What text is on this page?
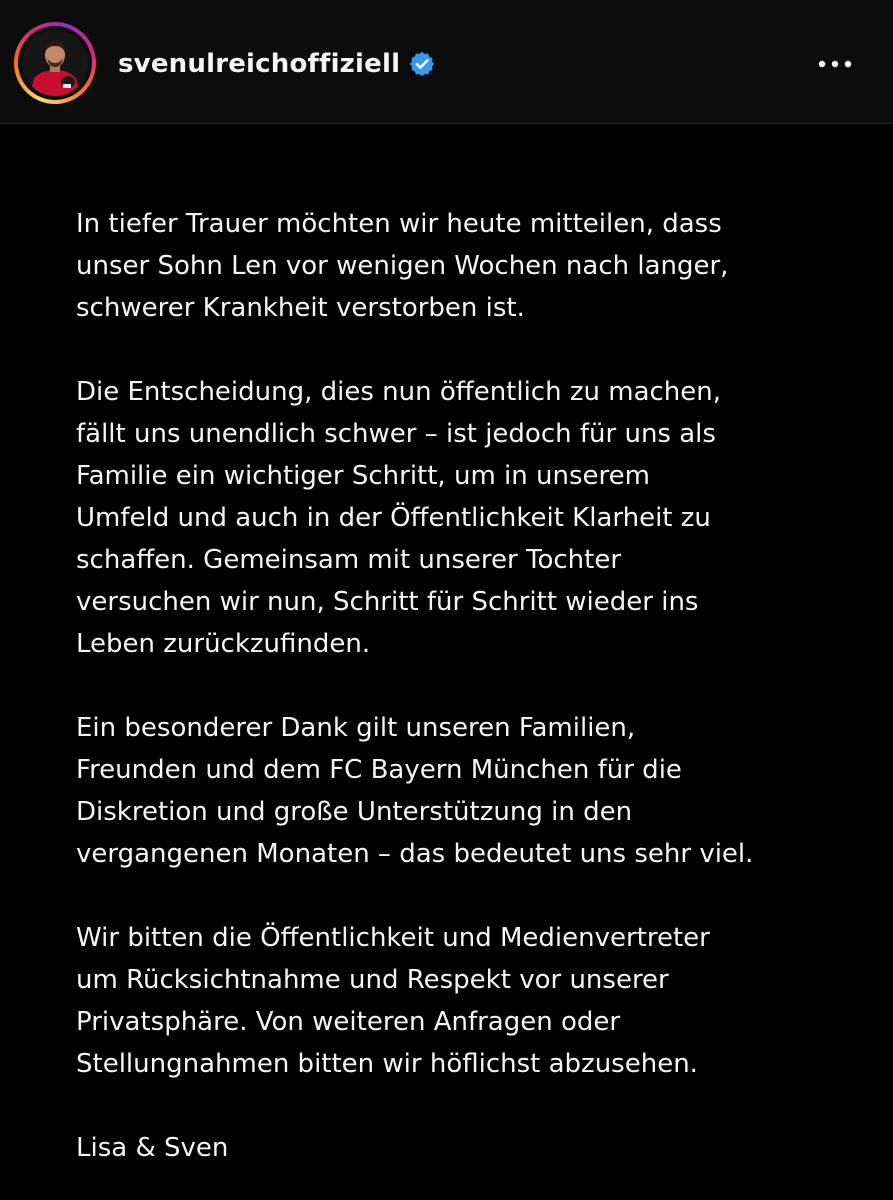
svenulreichoffiziell

In tiefer Trauer möchten wir heute mitteilen, dass
unser Sohn Len vor wenigen Wochen nach langer,
schwerer Krankheit verstorben ist.

Die Entscheidung, dies nun öffentlich zu machen,
fällt uns unendlich schwer – ist jedoch für uns als
Familie ein wichtiger Schritt, um in unserem
Umfeld und auch in der Öffentlichkeit Klarheit zu
schaffen. Gemeinsam mit unserer Tochter
versuchen wir nun, Schritt für Schritt wieder ins
Leben zurückzufinden.

Ein besonderer Dank gilt unseren Familien,
Freunden und dem FC Bayern München für die
Diskretion und große Unterstützung in den
vergangenen Monaten – das bedeutet uns sehr viel.

Wir bitten die Öffentlichkeit und Medienvertreter
um Rücksichtnahme und Respekt vor unserer
Privatsphäre. Von weiteren Anfragen oder
Stellungnahmen bitten wir höflichst abzusehen.

Lisa & Sven
